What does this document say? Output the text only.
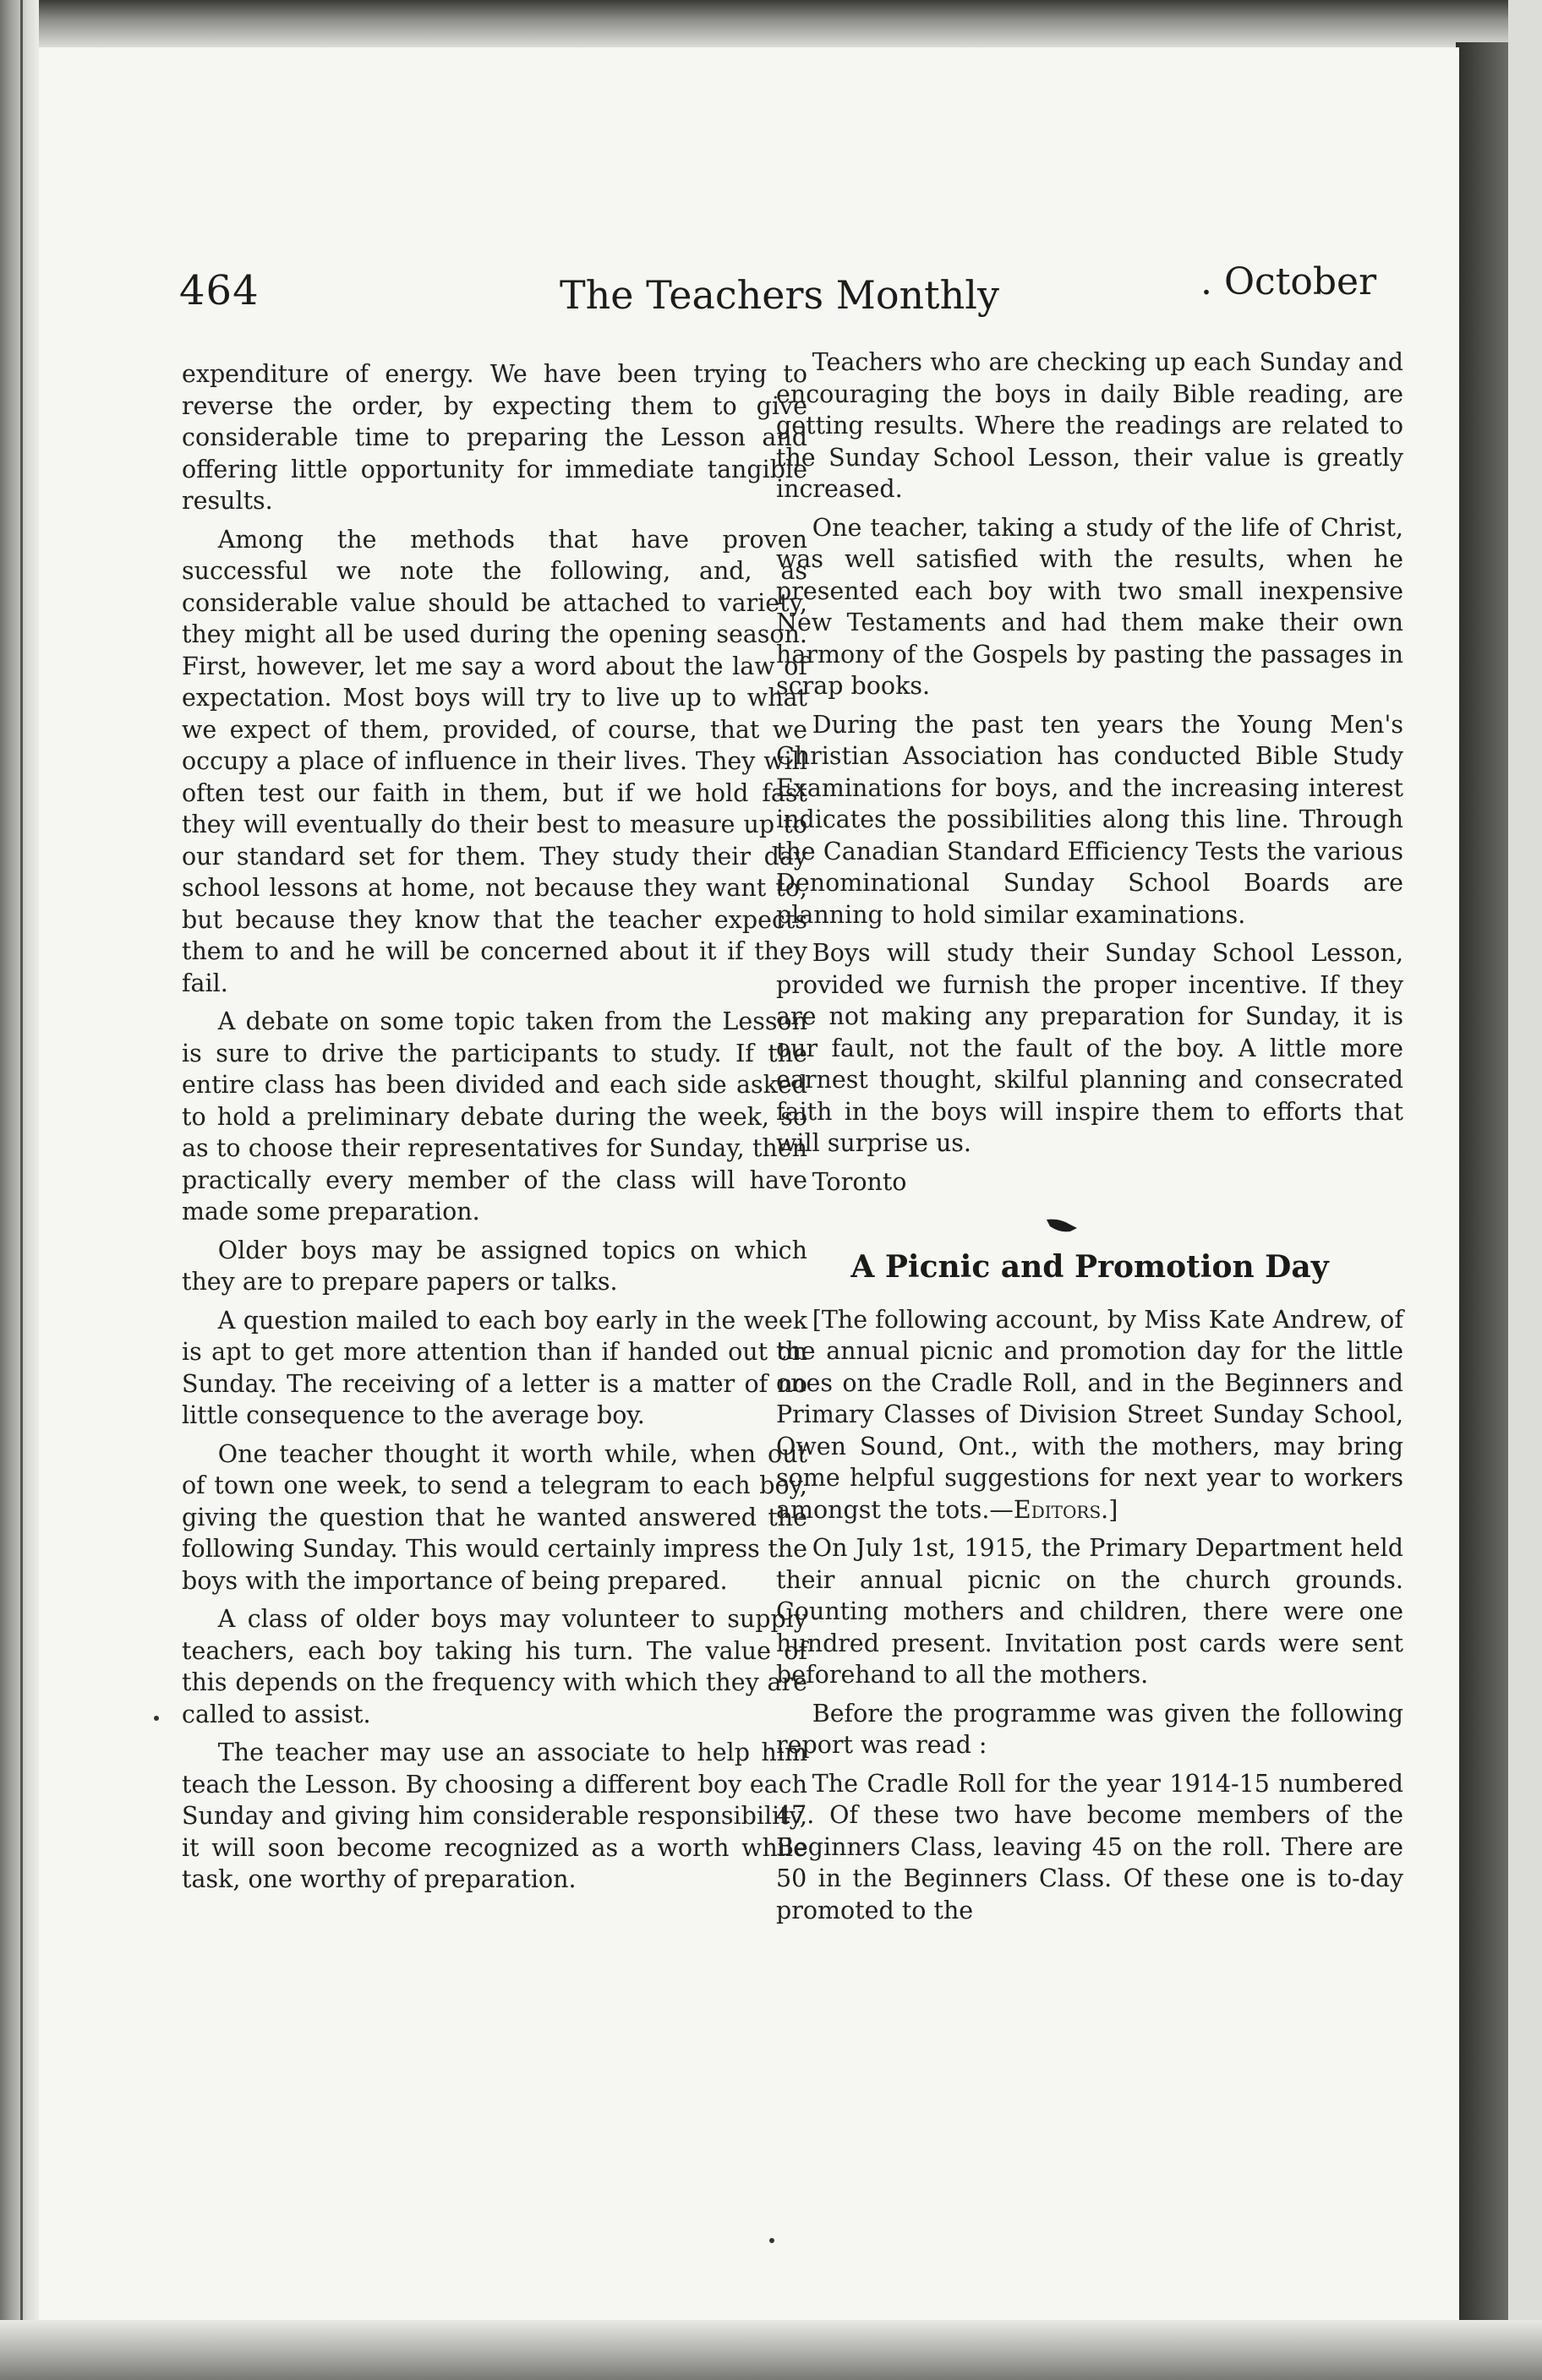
464	The Teachers Monthly	. October

expenditure of energy. We have been trying to reverse the order, by expecting them to give considerable time to preparing the Lesson and offering little opportunity for immediate tangible results.

Among the methods that have proven successful we note the following, and, as considerable value should be attached to variety, they might all be used during the opening season. First, however, let me say a word about the law of expectation. Most boys will try to live up to what we expect of them, provided, of course, that we occupy a place of influence in their lives. They will often test our faith in them, but if we hold fast they will eventually do their best to measure up to our standard set for them. They study their day school lessons at home, not because they want to, but because they know that the teacher expects them to and he will be concerned about it if they fail.

A debate on some topic taken from the Lesson is sure to drive the participants to study. If the entire class has been divided and each side asked to hold a preliminary debate during the week, so as to choose their representatives for Sunday, then practically every member of the class will have made some preparation.

Older boys may be assigned topics on which they are to prepare papers or talks.

A question mailed to each boy early in the week is apt to get more attention than if handed out on Sunday. The receiving of a letter is a matter of no little consequence to the average boy.

One teacher thought it worth while, when out of town one week, to send a telegram to each boy, giving the question that he wanted answered the following Sunday. This would certainly impress the boys with the importance of being prepared.

A class of older boys may volunteer to supply teachers, each boy taking his turn. The value of this depends on the frequency with which they are called to assist.

The teacher may use an associate to help him teach the Lesson. By choosing a different boy each Sunday and giving him considerable responsibility, it will soon become recognized as a worth while task, one worthy of preparation.

Teachers who are checking up each Sunday and encouraging the boys in daily Bible reading, are getting results. Where the readings are related to the Sunday School Lesson, their value is greatly increased.

One teacher, taking a study of the life of Christ, was well satisfied with the results, when he presented each boy with two small inexpensive New Testaments and had them make their own harmony of the Gospels by pasting the passages in scrap books.

During the past ten years the Young Men's Christian Association has conducted Bible Study Examinations for boys, and the increasing interest indicates the possibilities along this line. Through the Canadian Standard Efficiency Tests the various Denominational Sunday School Boards are planning to hold similar examinations.

Boys will study their Sunday School Lesson, provided we furnish the proper incentive. If they are not making any preparation for Sunday, it is our fault, not the fault of the boy. A little more earnest thought, skilful planning and consecrated faith in the boys will inspire them to efforts that will surprise us.

Toronto

A Picnic and Promotion Day

[The following account, by Miss Kate Andrew, of the annual picnic and promotion day for the little ones on the Cradle Roll, and in the Beginners and Primary Classes of Division Street Sunday School, Owen Sound, Ont., with the mothers, may bring some helpful suggestions for next year to workers amongst the tots.—Editors.]

On July 1st, 1915, the Primary Department held their annual picnic on the church grounds. Counting mothers and children, there were one hundred present. Invitation post cards were sent beforehand to all the mothers.

Before the programme was given the following report was read :

The Cradle Roll for the year 1914-15 numbered 47. Of these two have become members of the Beginners Class, leaving 45 on the roll. There are 50 in the Beginners Class. Of these one is to-day promoted to the
